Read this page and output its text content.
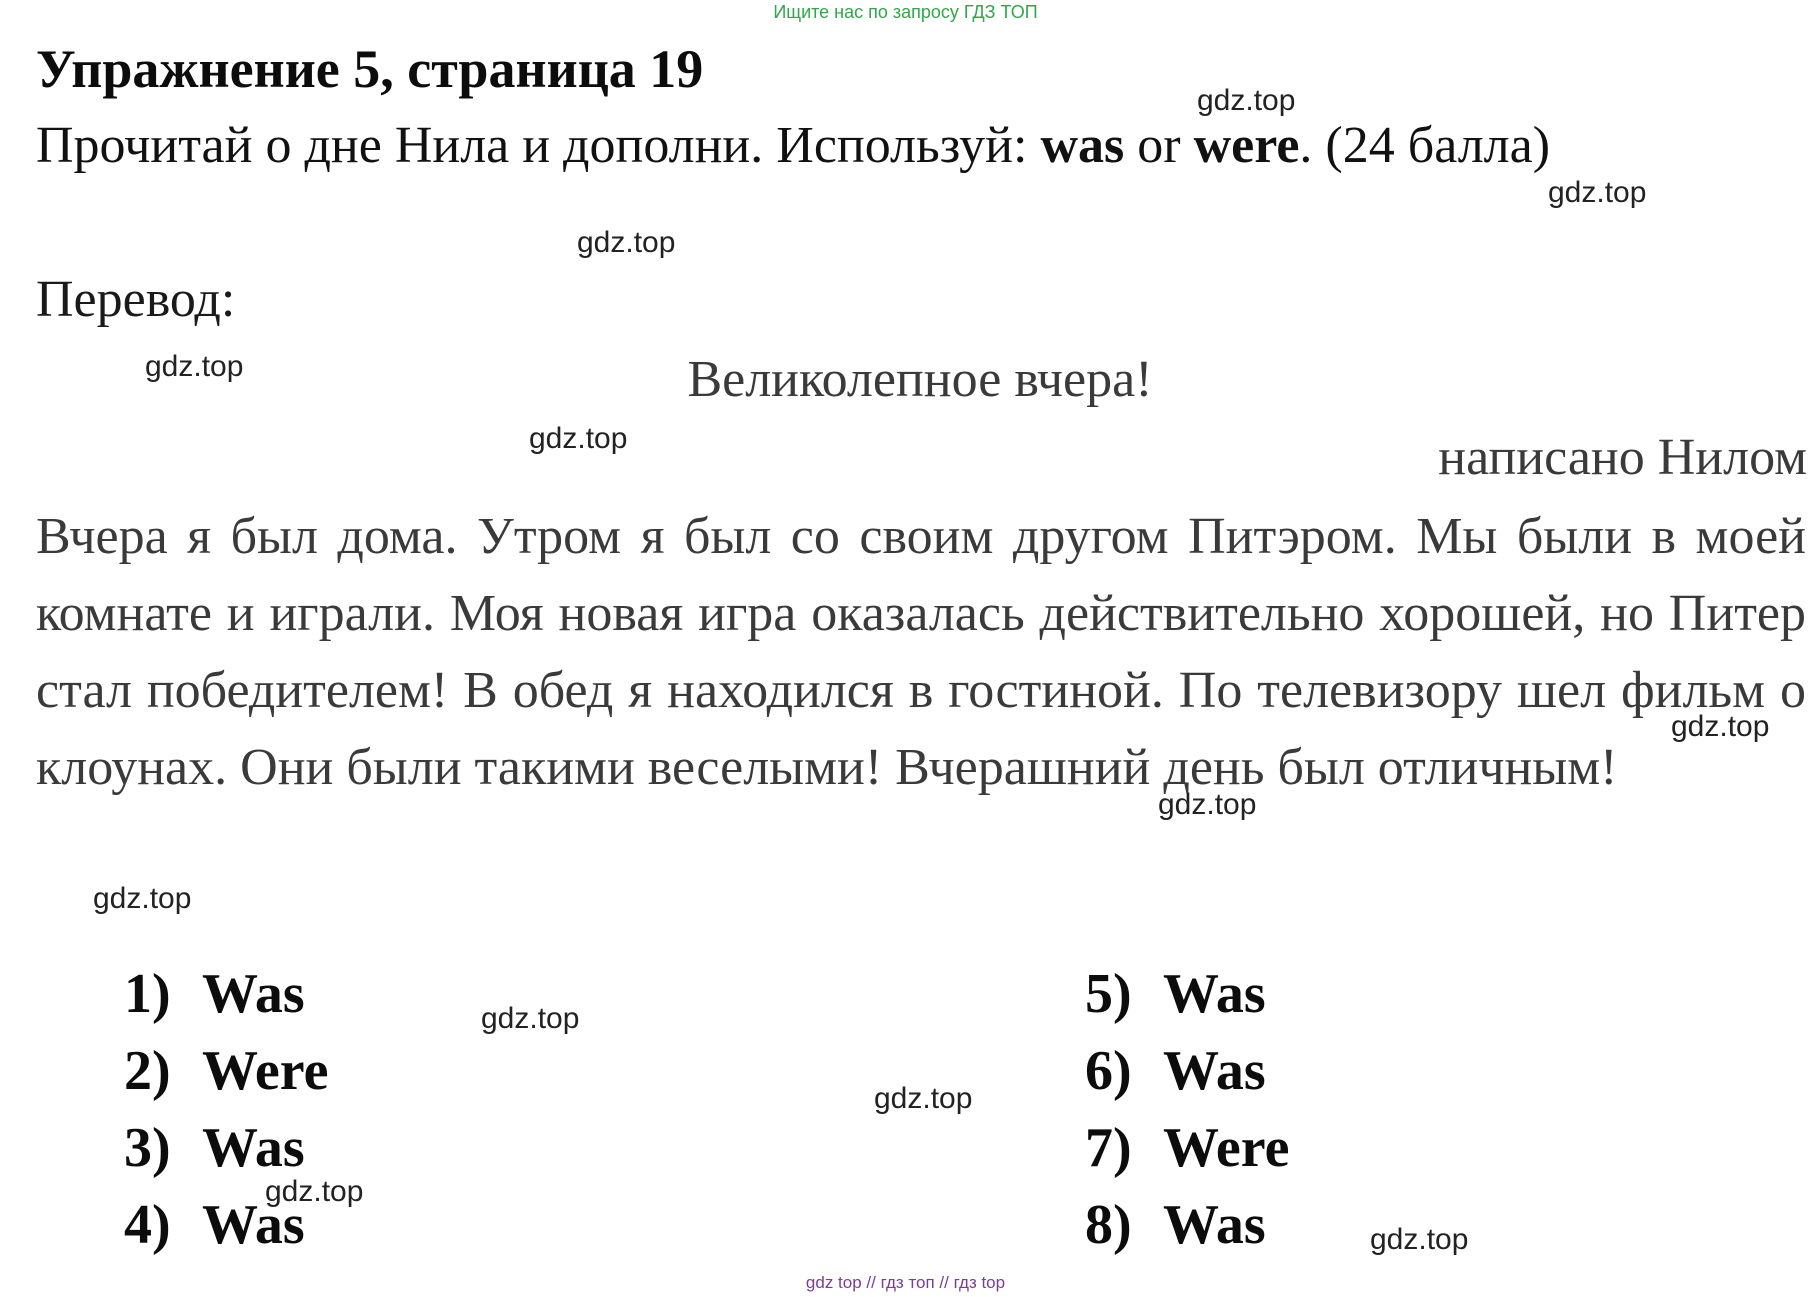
Ищите нас по запросу ГДЗ ТОП
Упражнение 5, страница 19
Прочитай о дне Нила и дополни. Используй: was or were. (24 балла)
Перевод:
Великолепное вчера!
написано Нилом
Вчера я был дома. Утром я был со своим другом Питэром. Мы были в моей комнате и играли. Моя новая игра оказалась действительно хорошей, но Питер стал победителем! В обед я находился в гостиной. По телевизору шел фильм о клоунах. Они были такими веселыми! Вчерашний день был отличным!
1) Was
2) Were
3) Was
4) Was
5) Was
6) Was
7) Were
8) Was
gdz.top
gdz.top
gdz.top
gdz.top
gdz.top
gdz.top
gdz.top
gdz.top
gdz.top
gdz.top
gdz.top
gdz.top
gdz top // гдз топ // гдз top
